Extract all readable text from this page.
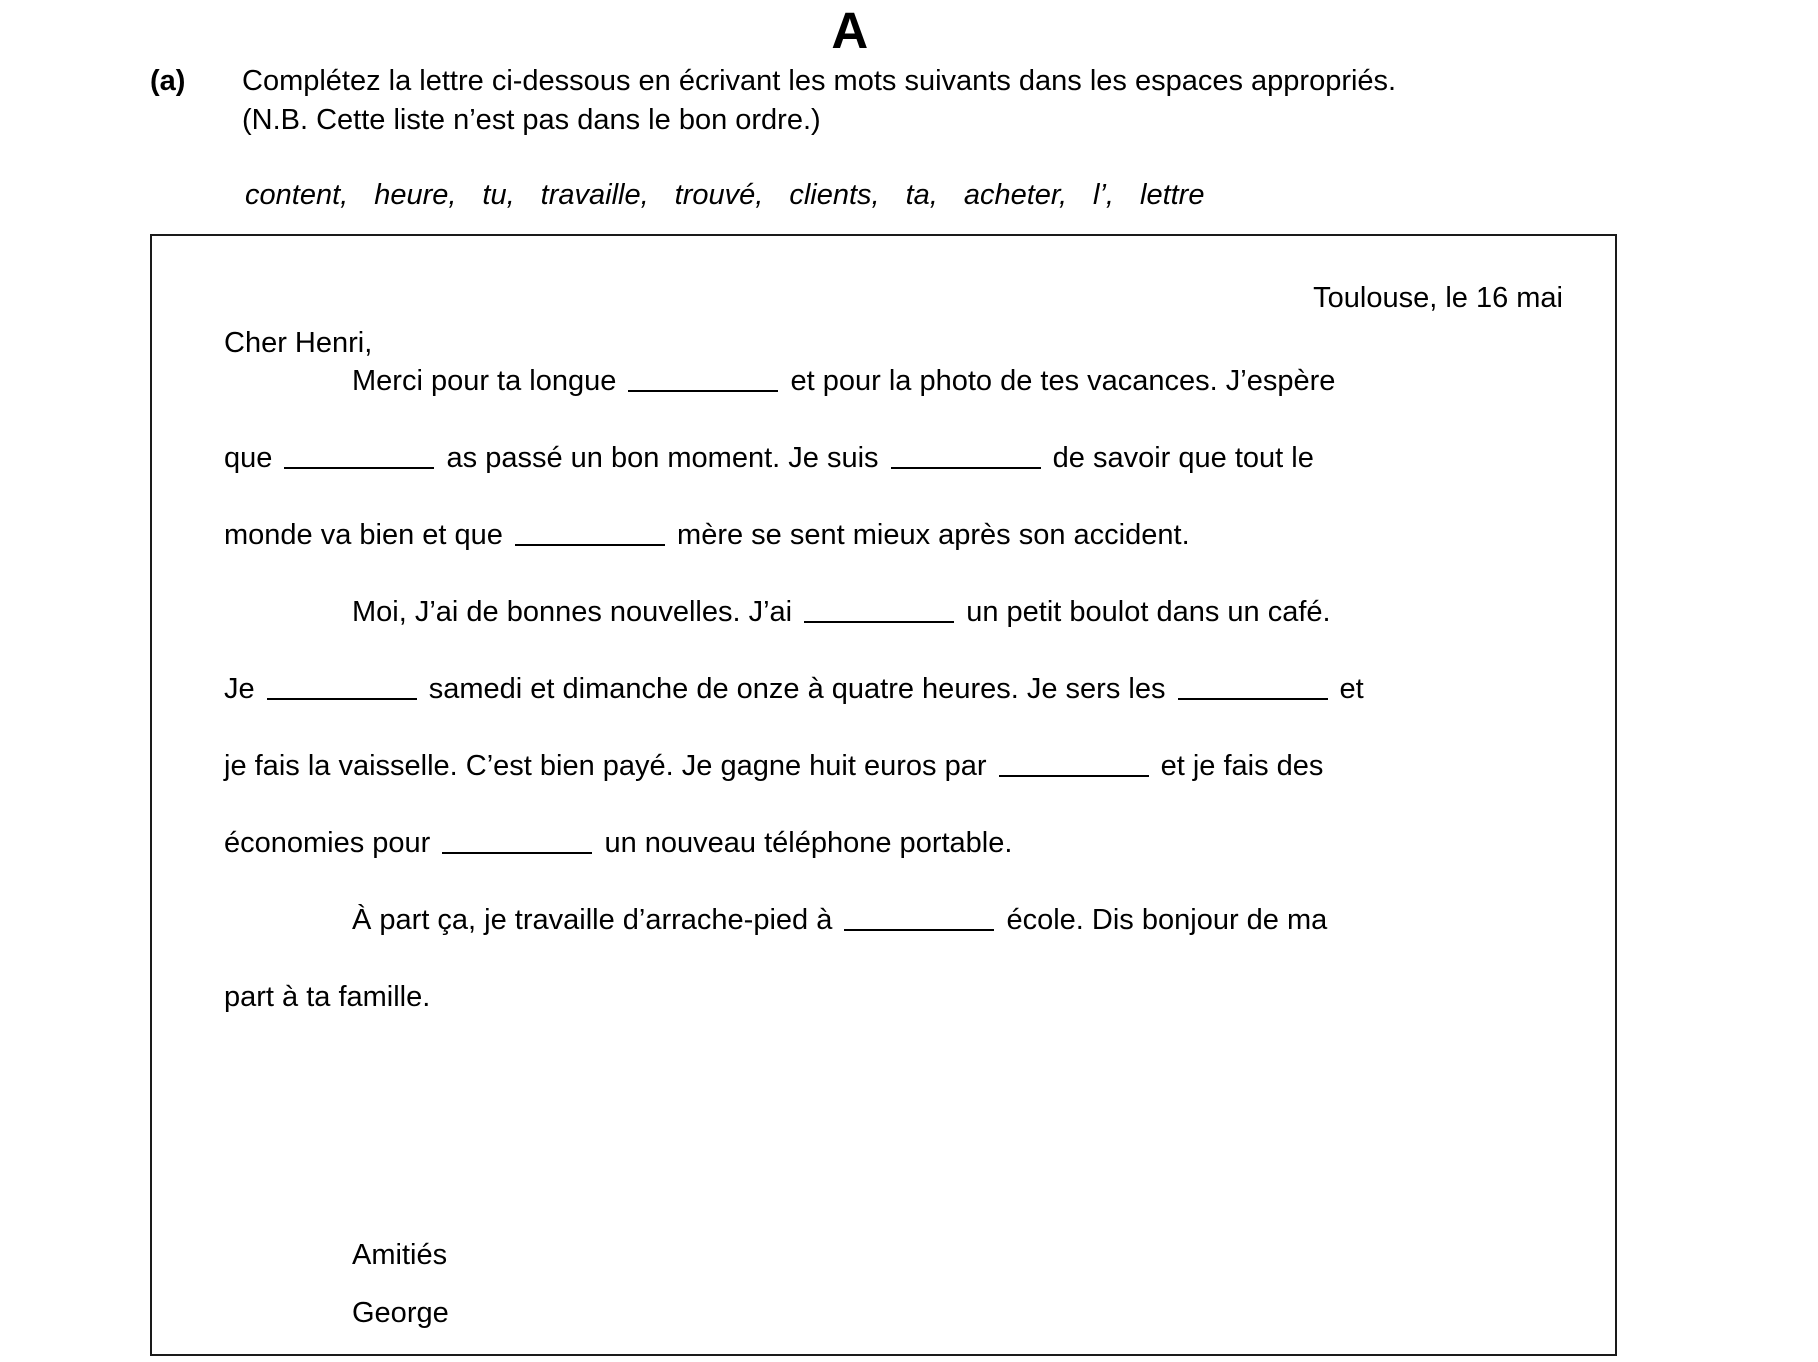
A
(a)	Complétez la lettre ci-dessous en écrivant les mots suivants dans les espaces appropriés.
(N.B. Cette liste n’est pas dans le bon ordre.)
content, heure, tu, travaille, trouvé, clients, ta, acheter, l’, lettre
Toulouse, le 16 mai
Cher Henri,
Merci pour ta longue	et pour la photo de tes vacances. J’espère
que	as passé un bon moment. Je suis	de savoir que tout le
monde va bien et que	mère se sent mieux après son accident.
Moi, J’ai de bonnes nouvelles. J’ai	un petit boulot dans un café.
Je	samedi et dimanche de onze à quatre heures. Je sers les	et
je fais la vaisselle. C’est bien payé. Je gagne huit euros par	et je fais des
économies pour	un nouveau téléphone portable.
À part ça, je travaille d’arrache-pied à	école. Dis bonjour de ma
part à ta famille.
Amitiés
George
